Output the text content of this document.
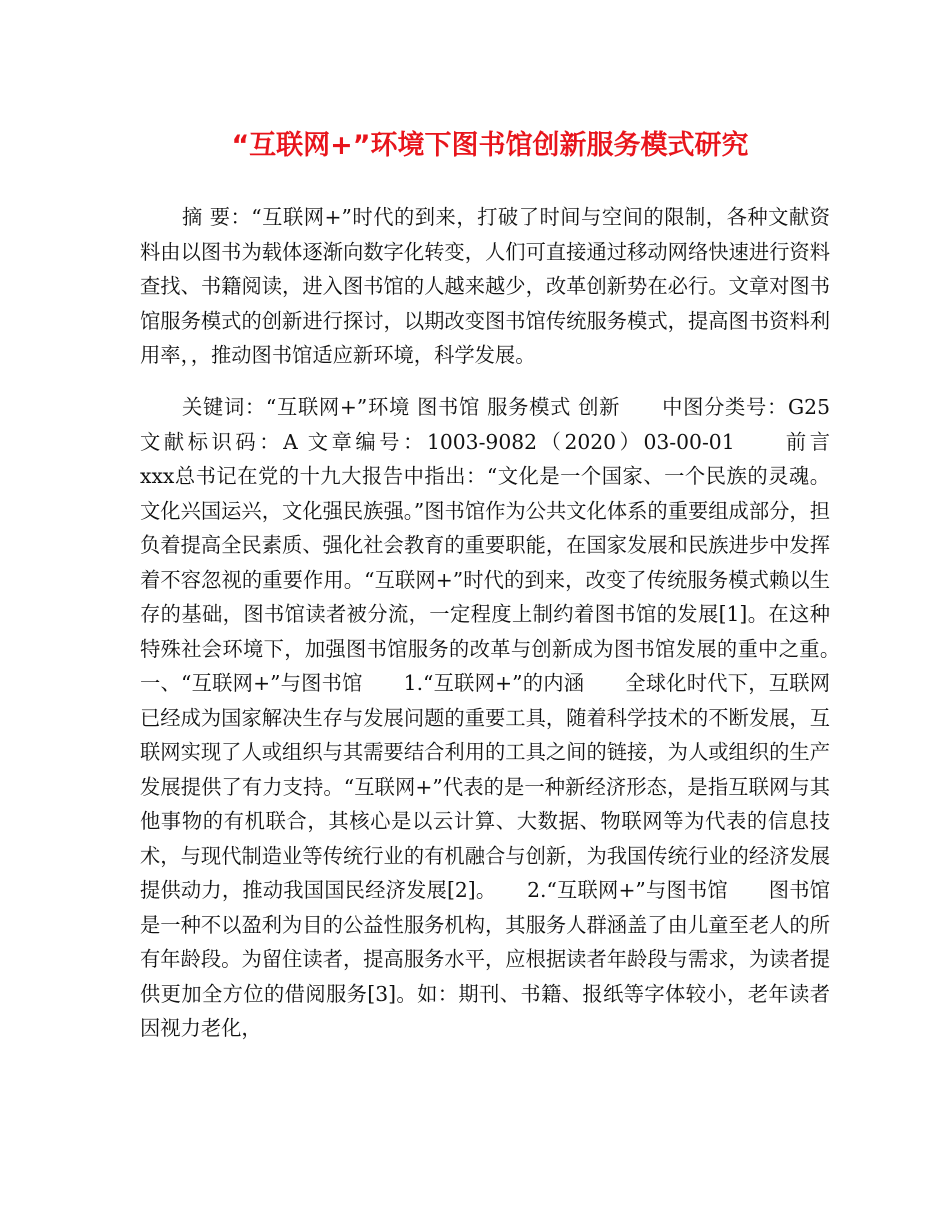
“互联网+”环境下图书馆创新服务模式研究

摘 要：“互联网+”时代的到来，打破了时间与空间的限制，各种文献资料由以图书为载体逐渐向数字化转变，人们可直接通过移动网络快速进行资料查找、书籍阅读，进入图书馆的人越来越少，改革创新势在必行。文章对图书馆服务模式的创新进行探讨，以期改变图书馆传统服务模式，提高图书资料利用率，，推动图书馆适应新环境，科学发展。

关键词：“互联网+”环境 图书馆 服务模式 创新　　中图分类号：G25 文献标识码：A 文章编号：1003-9082（2020）03-00-01　　前言　　xxx总书记在党的十九大报告中指出：“文化是一个国家、一个民族的灵魂。文化兴国运兴，文化强民族强。”图书馆作为公共文化体系的重要组成部分，担负着提高全民素质、强化社会教育的重要职能，在国家发展和民族进步中发挥着不容忽视的重要作用。“互联网+”时代的到来，改变了传统服务模式赖以生存的基础，图书馆读者被分流，一定程度上制约着图书馆的发展[1]。在这种特殊社会环境下，加强图书馆服务的改革与创新成为图书馆发展的重中之重。　　一、“互联网+”与图书馆　　1.“互联网+”的内涵　　全球化时代下，互联网已经成为国家解决生存与发展问题的重要工具，随着科学技术的不断发展，互联网实现了人或组织与其需要结合利用的工具之间的链接，为人或组织的生产发展提供了有力支持。“互联网+”代表的是一种新经济形态，是指互联网与其他事物的有机联合，其核心是以云计算、大数据、物联网等为代表的信息技术，与现代制造业等传统行业的有机融合与创新，为我国传统行业的经济发展提供动力，推动我国国民经济发展[2]。　　2.“互联网+”与图书馆　　图书馆是一种不以盈利为目的公益性服务机构，其服务人群涵盖了由儿童至老人的所有年龄段。为留住读者，提高服务水平，应根据读者年龄段与需求，为读者提供更加全方位的借阅服务[3]。如：期刊、书籍、报纸等字体较小，老年读者因视力老化，
